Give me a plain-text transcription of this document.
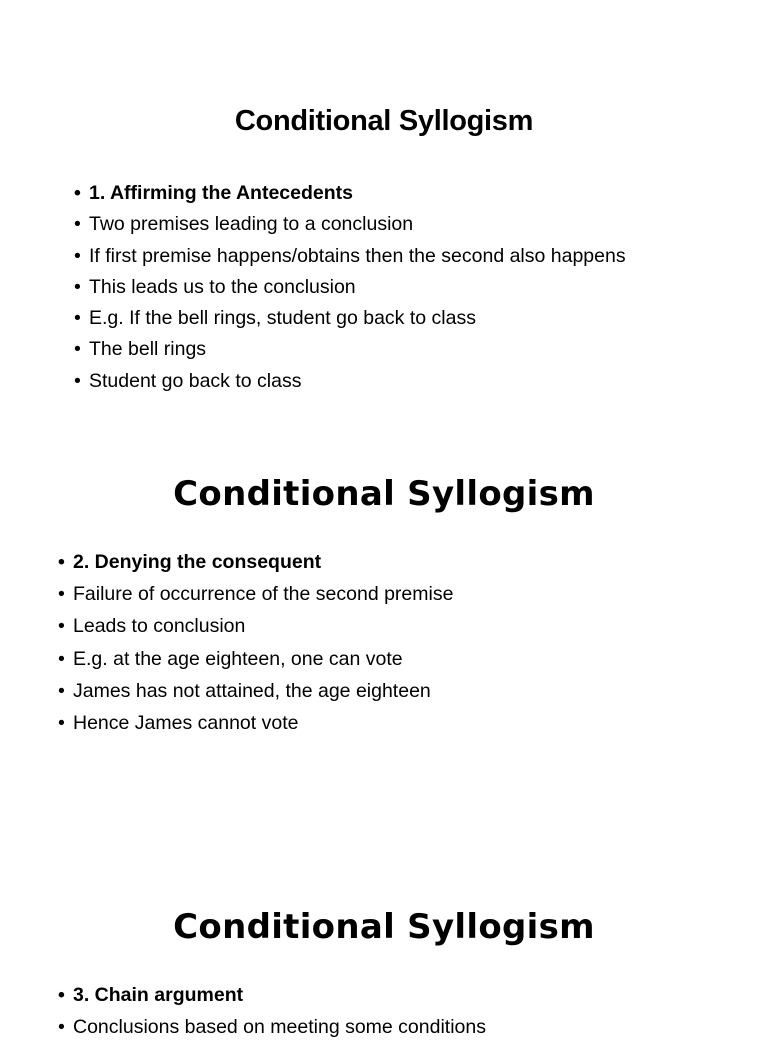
Conditional Syllogism
• 1. Affirming the Antecedents
• Two premises leading to a conclusion
• If first premise happens/obtains then the second also happens
• This leads us to the conclusion
• E.g. If the bell rings, student go back to class
• The bell rings
• Student go back to class
Conditional Syllogism
• 2. Denying the consequent
• Failure of occurrence of the second premise
• Leads to conclusion
• E.g. at the age eighteen, one can vote
• James has not attained, the age eighteen
• Hence James cannot vote
Conditional Syllogism
• 3. Chain argument
• Conclusions based on meeting some conditions
